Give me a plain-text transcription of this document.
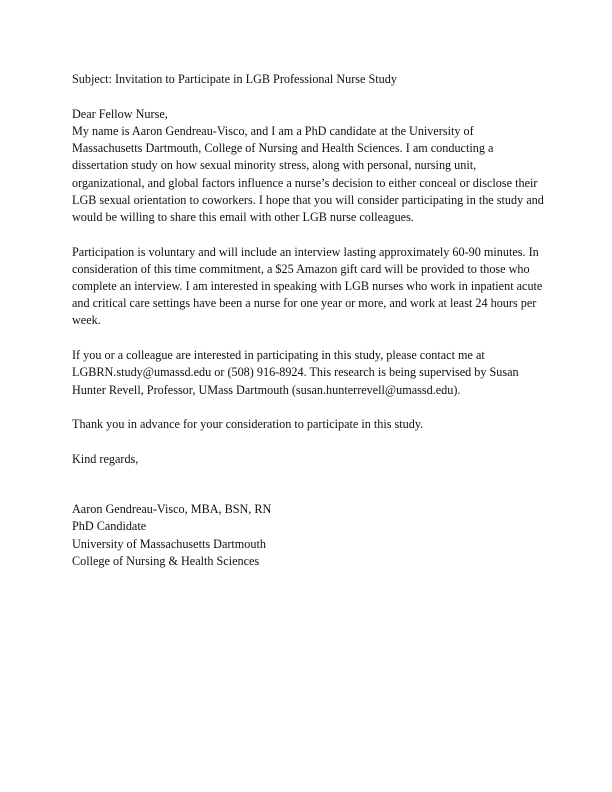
Subject: Invitation to Participate in LGB Professional Nurse Study

Dear Fellow Nurse,

My name is Aaron Gendreau-Visco, and I am a PhD candidate at the University of
Massachusetts Dartmouth, College of Nursing and Health Sciences. I am conducting a
dissertation study on how sexual minority stress, along with personal, nursing unit,
organizational, and global factors influence a nurse’s decision to either conceal or disclose their
LGB sexual orientation to coworkers. I hope that you will consider participating in the study and
would be willing to share this email with other LGB nurse colleagues.
Participation is voluntary and will include an interview lasting approximately 60-90 minutes. In
consideration of this time commitment, a $25 Amazon gift card will be provided to those who
complete an interview. I am interested in speaking with LGB nurses who work in inpatient acute
and critical care settings have been a nurse for one year or more, and work at least 24 hours per
week.
If you or a colleague are interested in participating in this study, please contact me at
LGBRN.study@umassd.edu or (508) 916-8924. This research is being supervised by Susan
Hunter Revell, Professor, UMass Dartmouth (susan.hunterrevell@umassd.edu).

Thank you in advance for your consideration to participate in this study.

Kind regards,

Aaron Gendreau-Visco, MBA, BSN, RN
PhD Candidate
University of Massachusetts Dartmouth
College of Nursing & Health Sciences
